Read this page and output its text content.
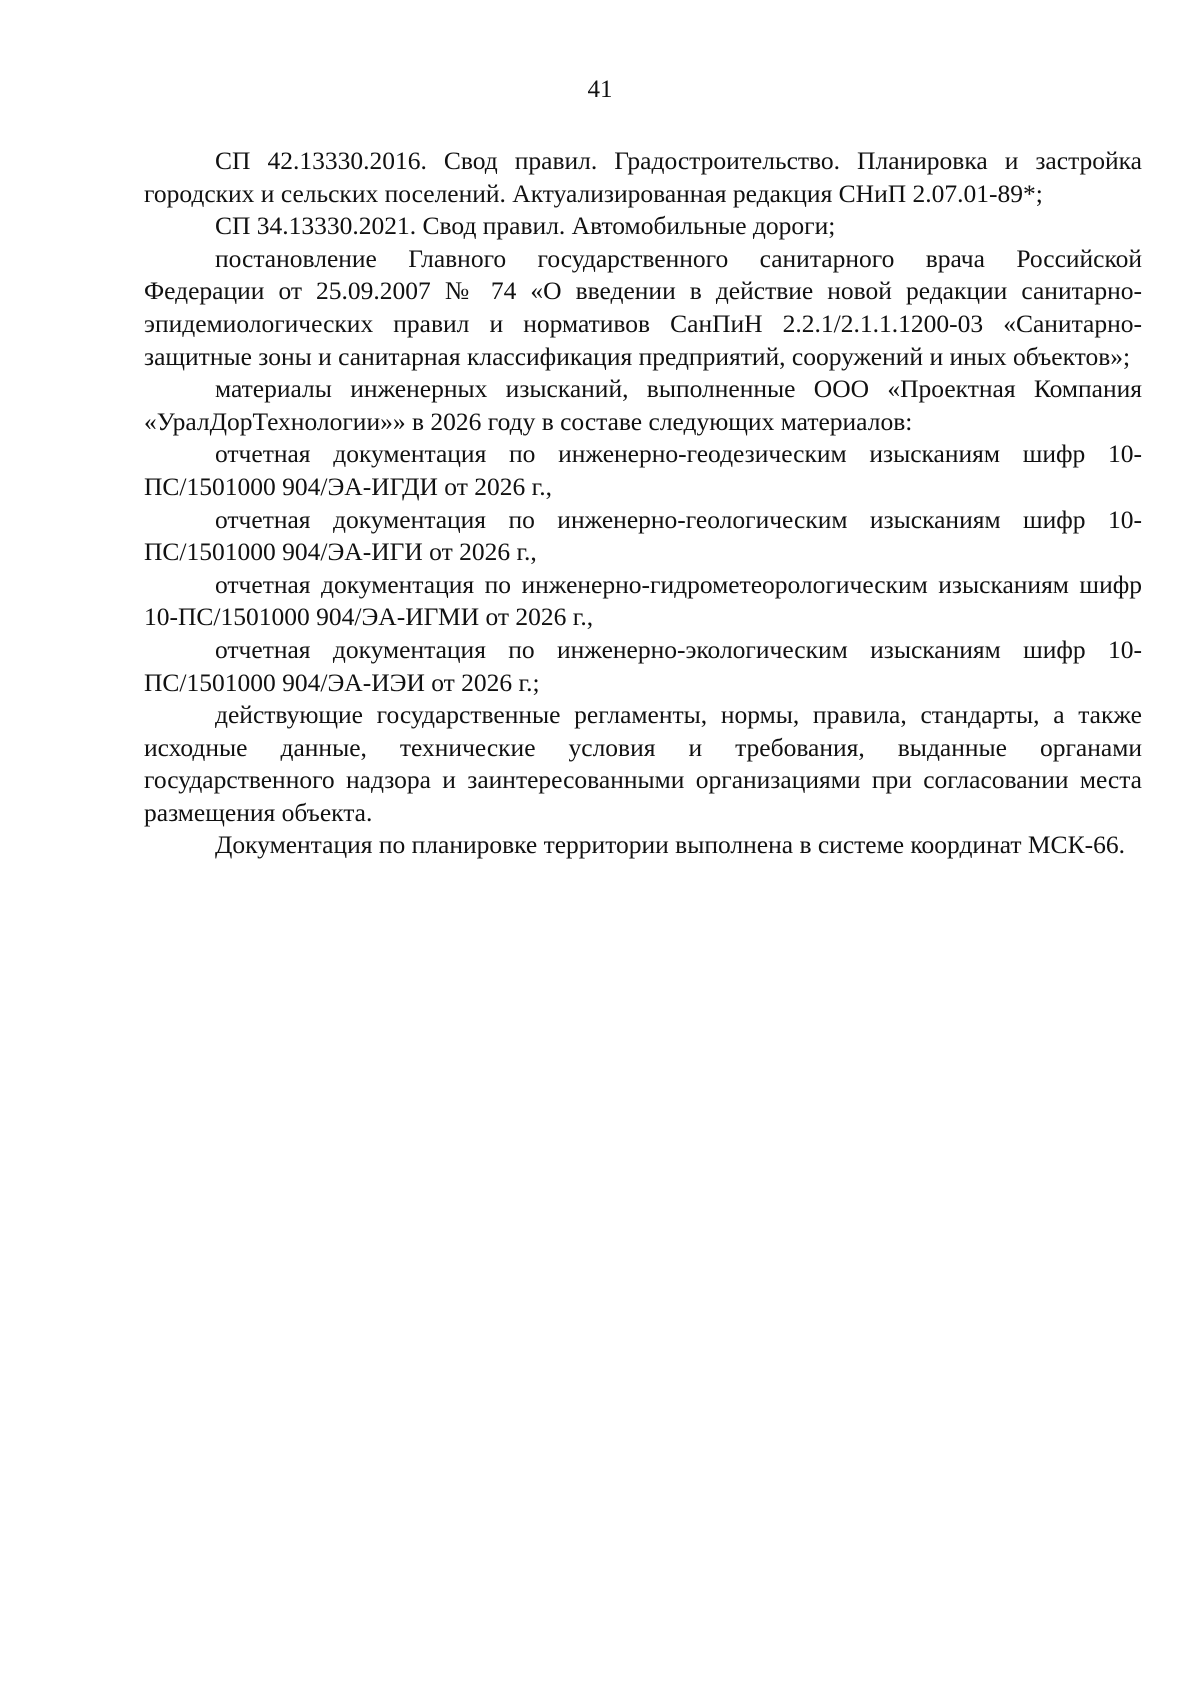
41

СП 42.13330.2016. Свод правил. Градостроительство. Планировка и застройка городских и сельских поселений. Актуализированная редакция СНиП 2.07.01-89*;

СП 34.13330.2021. Свод правил. Автомобильные дороги;

постановление Главного государственного санитарного врача Российской Федерации от 25.09.2007 № 74 «О введении в действие новой редакции санитарно-эпидемиологических правил и нормативов СанПиН 2.2.1/2.1.1.1200-03 «Санитарно-защитные зоны и санитарная классификация предприятий, сооружений и иных объектов»;

материалы инженерных изысканий, выполненные ООО «Проектная Компания «УралДорТехнологии»» в 2026 году в составе следующих материалов:

отчетная документация по инженерно-геодезическим изысканиям шифр 10-ПС/1501000 904/ЭА-ИГДИ от 2026 г.,

отчетная документация по инженерно-геологическим изысканиям шифр 10-ПС/1501000 904/ЭА-ИГИ от 2026 г.,

отчетная документация по инженерно-гидрометеорологическим изысканиям шифр 10-ПС/1501000 904/ЭА-ИГМИ от 2026 г.,

отчетная документация по инженерно-экологическим изысканиям шифр 10-ПС/1501000 904/ЭА-ИЭИ от 2026 г.;

действующие государственные регламенты, нормы, правила, стандарты, а также исходные данные, технические условия и требования, выданные органами государственного надзора и заинтересованными организациями при согласовании места размещения объекта.

Документация по планировке территории выполнена в системе координат МСК-66.
